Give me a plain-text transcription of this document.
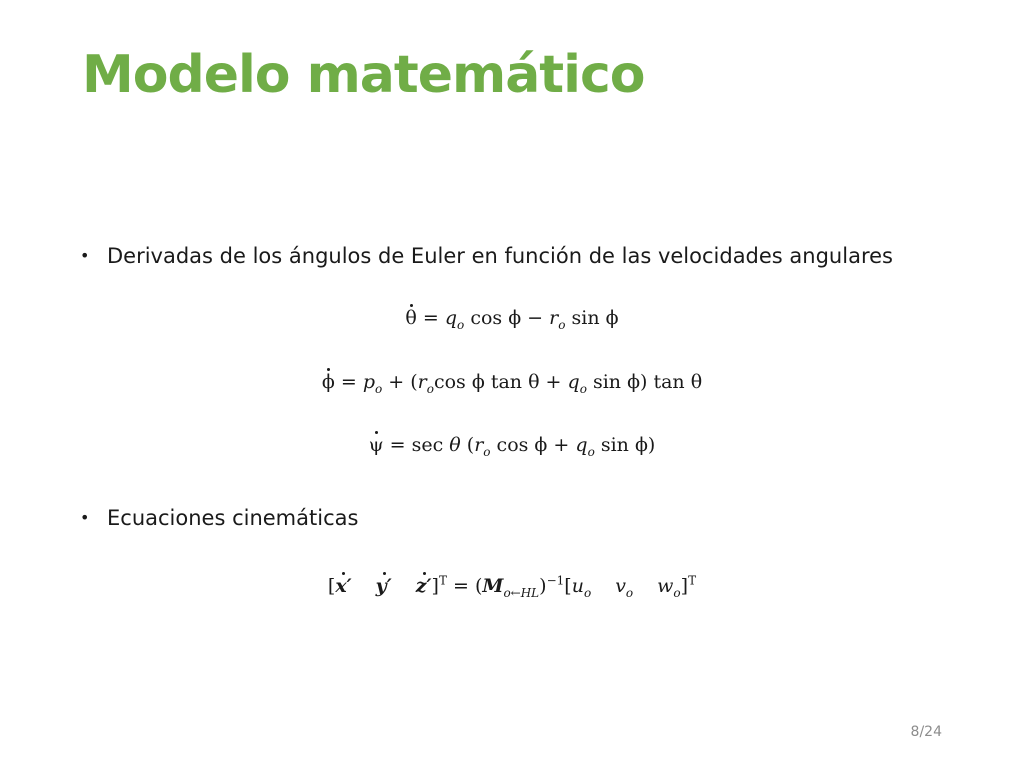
Modelo matemático
• Derivadas de los ángulos de Euler en función de las velocidades angulares
$\theta = q_o$ $\cos \phi - r_o$ sin ϕ
$\phi = p_o + (r_o\cos$ ϕ $\tan \theta + q_o$ sin ϕ) tan θ
ψ = sec θ ($r_o$ $\cos \phi + q_o$ sin ϕ)
• Ecuaciones cinemáticas
[x′ y′ $z']^T = (M_{o\leftarrow HL})^{-1}[u_o$ $v_o$ $w_o]^T$
8/24
